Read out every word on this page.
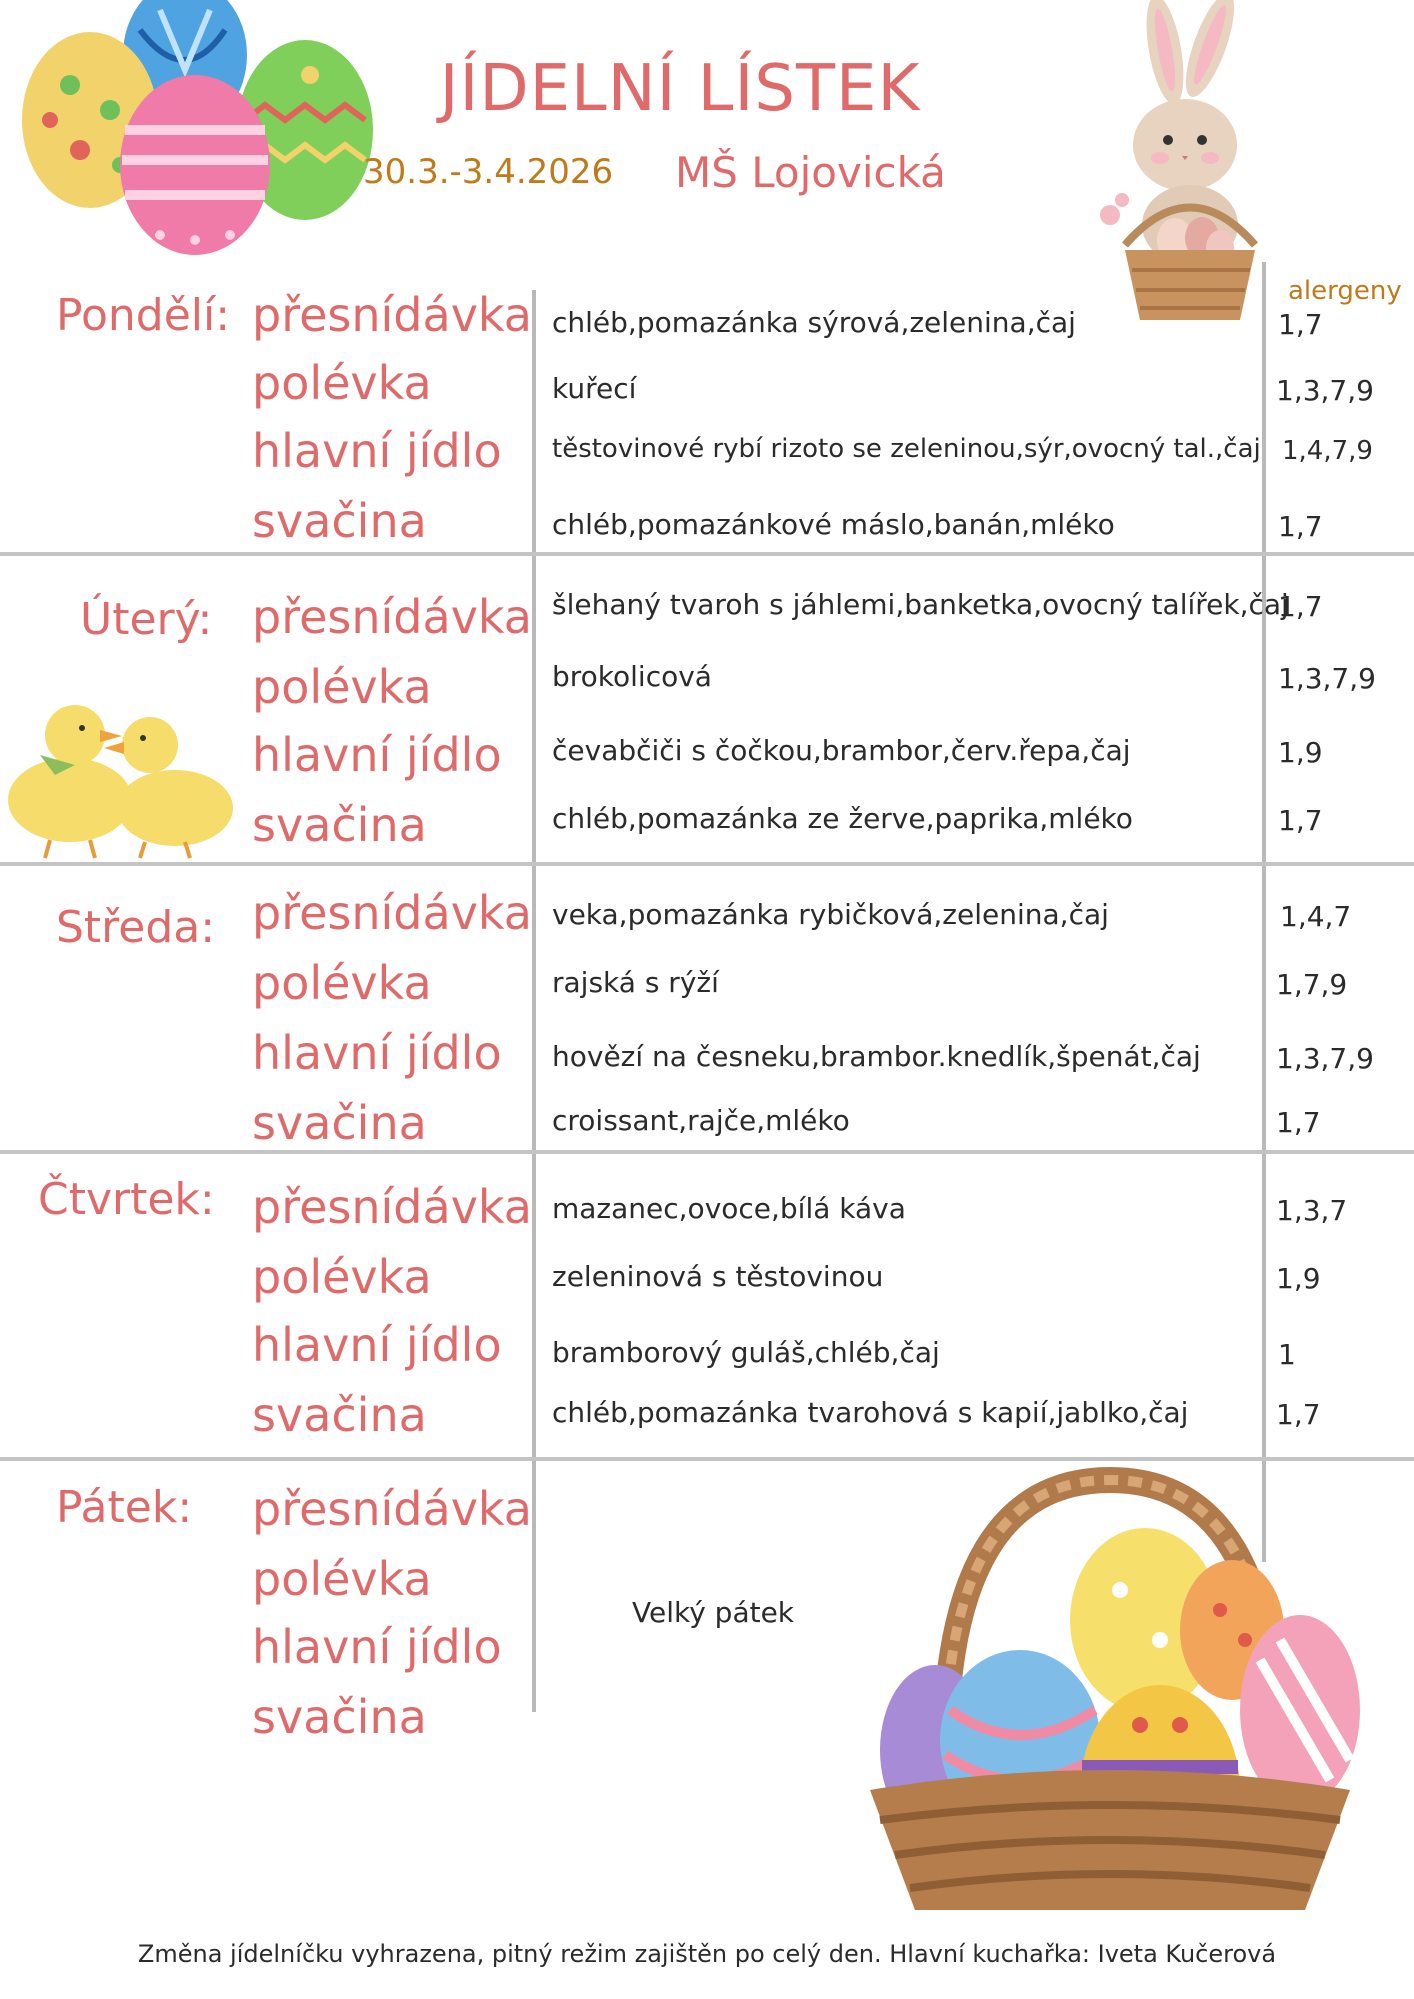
JÍDELNÍ LÍSTEK
30.3.-3.4.2026 MŠ Lojovická
alergeny
Pondělí: přesnídávka
polévka
hlavní jídlo
svačina
chléb,pomazánka sýrová,zelenina,čaj
kuřecí
těstovinové rybí rizoto se zeleninou,sýr,ovocný tal.,čaj
chléb,pomazánkové máslo,banán,mléko
1,7
1,3,7,9
1,4,7,9
1,7
Úterý: přesnídávka
polévka
hlavní jídlo
svačina
šlehaný tvaroh s jáhlemi,banketka,ovocný talířek,čaj
brokolicová
čevabčiči s čočkou,brambor,červ.řepa,čaj
chléb,pomazánka ze žerve,paprika,mléko
1,7
1,3,7,9
1,9
1,7
Středa: přesnídávka
polévka
hlavní jídlo
svačina
veka,pomazánka rybičková,zelenina,čaj
rajská s rýží
hovězí na česneku,brambor.knedlík,špenát,čaj
croissant,rajče,mléko
1,4,7
1,7,9
1,3,7,9
1,7
Čtvrtek: přesnídávka
polévka
hlavní jídlo
svačina
mazanec,ovoce,bílá káva
zeleninová s těstovinou
bramborový guláš,chléb,čaj
chléb,pomazánka tvarohová s kapií,jablko,čaj
1,3,7
1,9
1
1,7
Pátek: přesnídávka
polévka
hlavní jídlo
svačina
Velký pátek
Změna jídelníčku vyhrazena, pitný režim zajištěn po celý den. Hlavní kuchařka: Iveta Kučerová
